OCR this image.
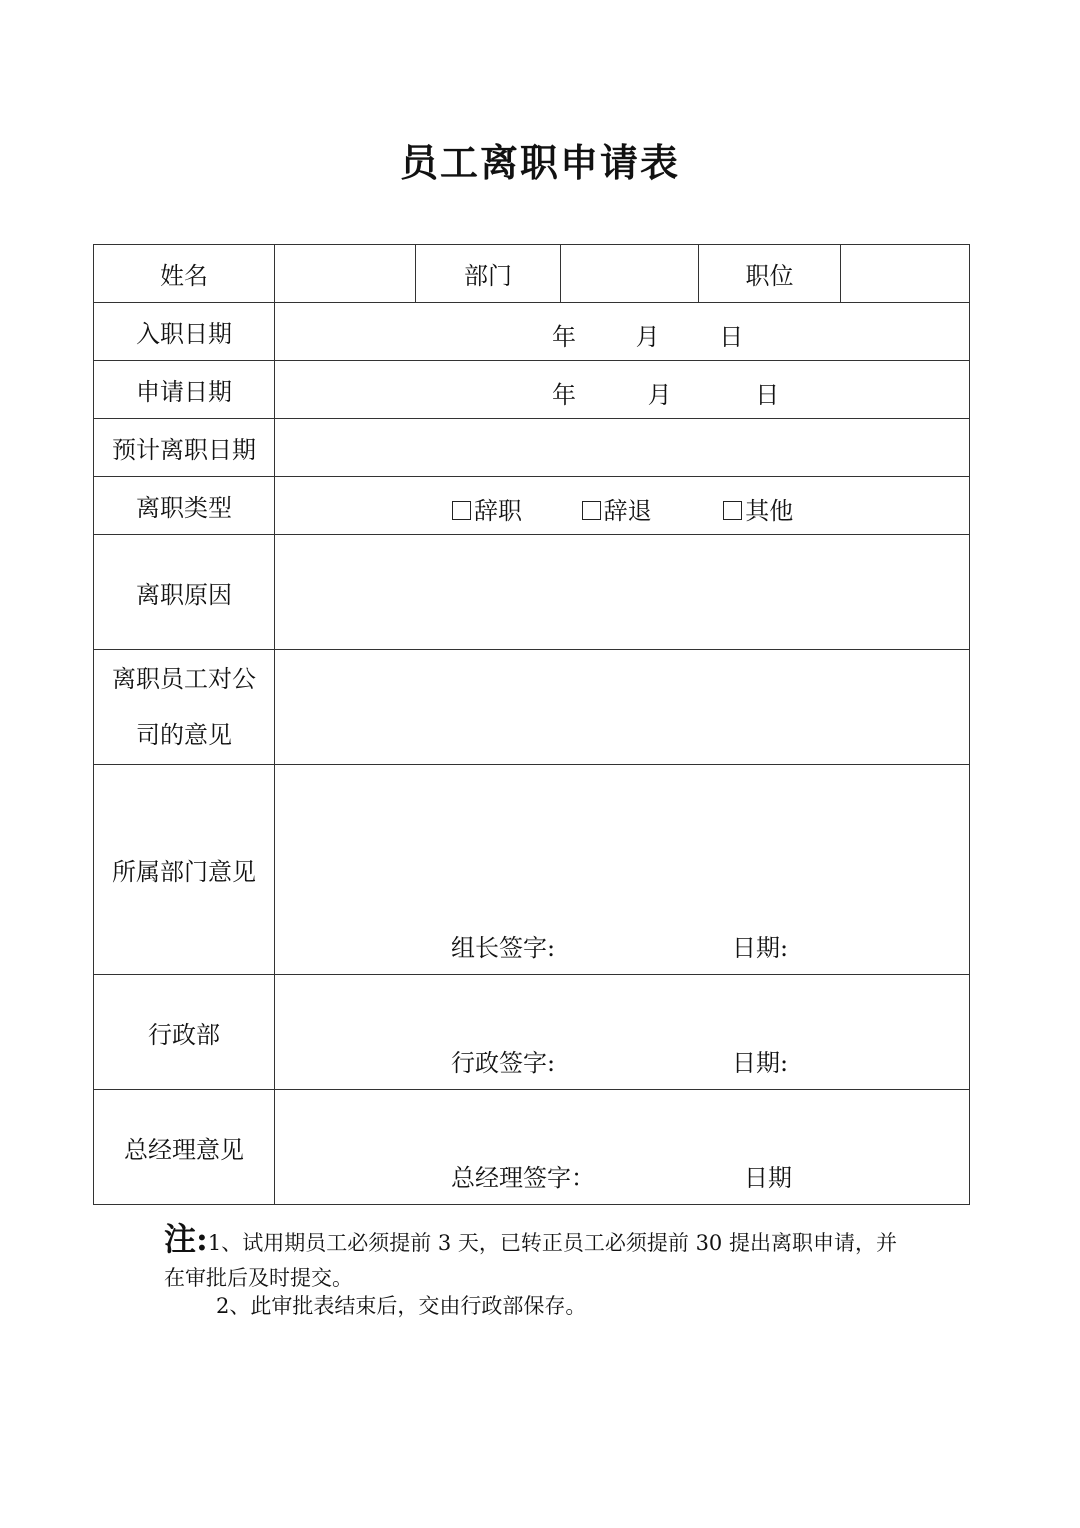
员工离职申请表
姓名		部门		职位	
入职日期	年 月 日				

申请日期	年 月 日				

预计离职日期					
离职类型	辞职 辞退 其他				

离职原因					

离职员工对公
司的意见					

所属部门意见	组长签字: 日期:				

行政部	行政签字: 日期:				

总经理意见	总经理签字： 日期				
注:1、试用期员工必须提前 3 天，已转正员工必须提前 30 提出离职申请，并
在审批后及时提交。
2、此审批表结束后，交由行政部保存。
